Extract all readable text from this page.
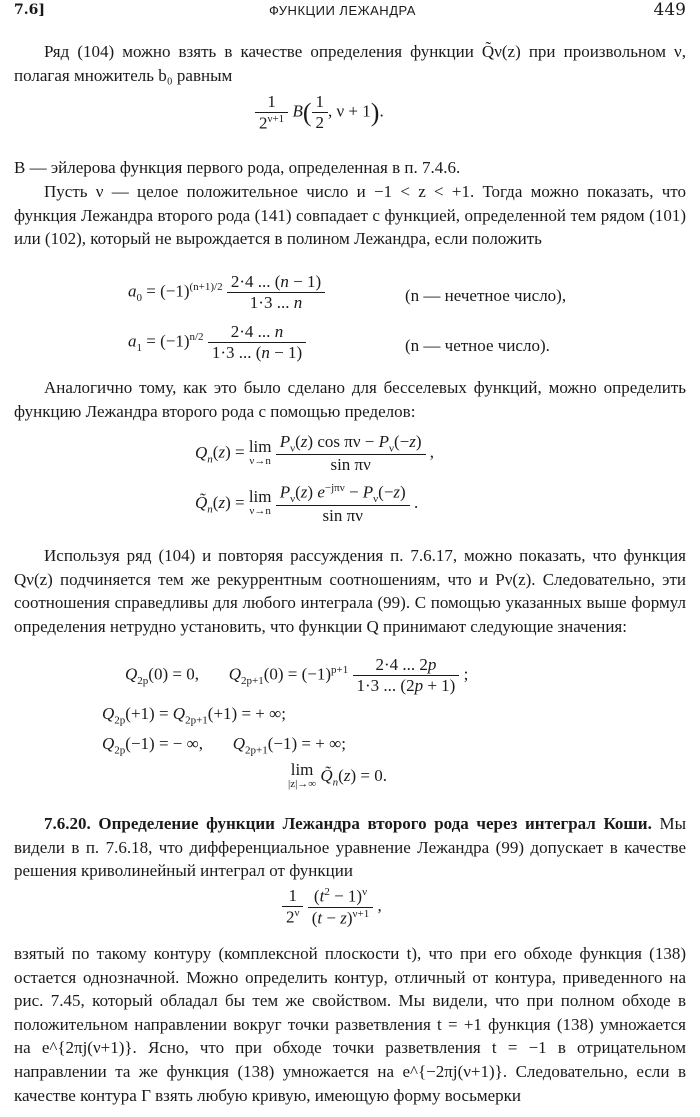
7.6]	ФУНКЦИИ ЛЕЖАНДРА	449

Ряд (104) можно взять в качестве определения функции Q̃ν(z) при произвольном ν, полагая множитель b₀ равным

$\frac{1}{2^{\nu+1}} B( \frac{1}{2}$ , ν + 1).

B — эйлерова функция первого рода, определенная в п. 7.4.6.

Пусть ν — целое положительное число и −1 < z < +1. Тогда можно показать, что функция Лежандра второго рода (141) совпадает с функцией, определенной тем рядом (101) или (102), который не вырождается в полином Лежандра, если положить

$a_0 = (-1)^{(n+1)/2} \frac{2\cdot 4 ... (n - 1)}{1\cdot 3 ... n}$	(n — нечетное число),
$a_1 = (-1)^{n/2} \frac{2\cdot 4 ... n}{1\cdot 3 ... (n - 1)}$	(n — четное число).

Аналогично тому, как это было сделано для бесселевых функций, можно определить функцию Лежандра второго рода с помощью пределов:

$Q_n(z) = \lim$
ν→n
$\frac{P_\nu(z) \cos \pi\nu - P_\nu(-z)}{\text{sin πν}}$ ,
$Q̃_n(z) = \lim$
ν→n
$\frac{P_\nu(z) e^{-j\pi\nu} - P_\nu(-z)}{\text{sin πν}}$ .

Используя ряд (104) и повторяя рассуждения п. 7.6.17, можно показать, что функция Qν(z) подчиняется тем же рекуррентным соотношениям, что и Pν(z). Следовательно, эти соотношения справедливы для любого интеграла (99). С помощью указанных выше формул определения нетрудно установить, что функции Q принимают следующие значения:

$Q_{2p}(0) = 0$,       $Q_{2p+1}(0) = (-1)^{p+1} \frac{2\cdot 4 ... 2p}{1\cdot 3 ... (2p + 1)}$ ;
$Q_{2p}(+1) = Q_{2p+1}(+1)$ = + ∞;
$Q_{2p}(-1)$ = − ∞,       $Q_{2p+1}(-1)$ = + ∞;
lim
|z|→∞ $Q̃_n(z) = 0$.

7.6.20. Определение функции Лежандра второго рода через интеграл Коши. Мы видели в п. 7.6.18, что дифференциальное уравнение Лежандра (99) допускает в качестве решения криволинейный интеграл от функции

$\frac{1}{2^\nu}$
$\frac{(t^2 - 1)^\nu}{(t - z)^{\nu+1}}$ ,

взятый по такому контуру (комплексной плоскости t), что при его обходе функция (138) остается однозначной. Можно определить контур, отличный от контура, приведенного на рис. 7.45, который обладал бы тем же свойством. Мы видели, что при полном обходе в положительном направлении вокруг точки разветвления t = +1 функция (138) умножается на e^{2πj(ν+1)}. Ясно, что при обходе точки разветвления t = −1 в отрицательном направлении та же функция (138) умножается на e^{−2πj(ν+1)}. Следовательно, если в качестве контура Γ взять любую кривую, имеющую форму восьмерки
